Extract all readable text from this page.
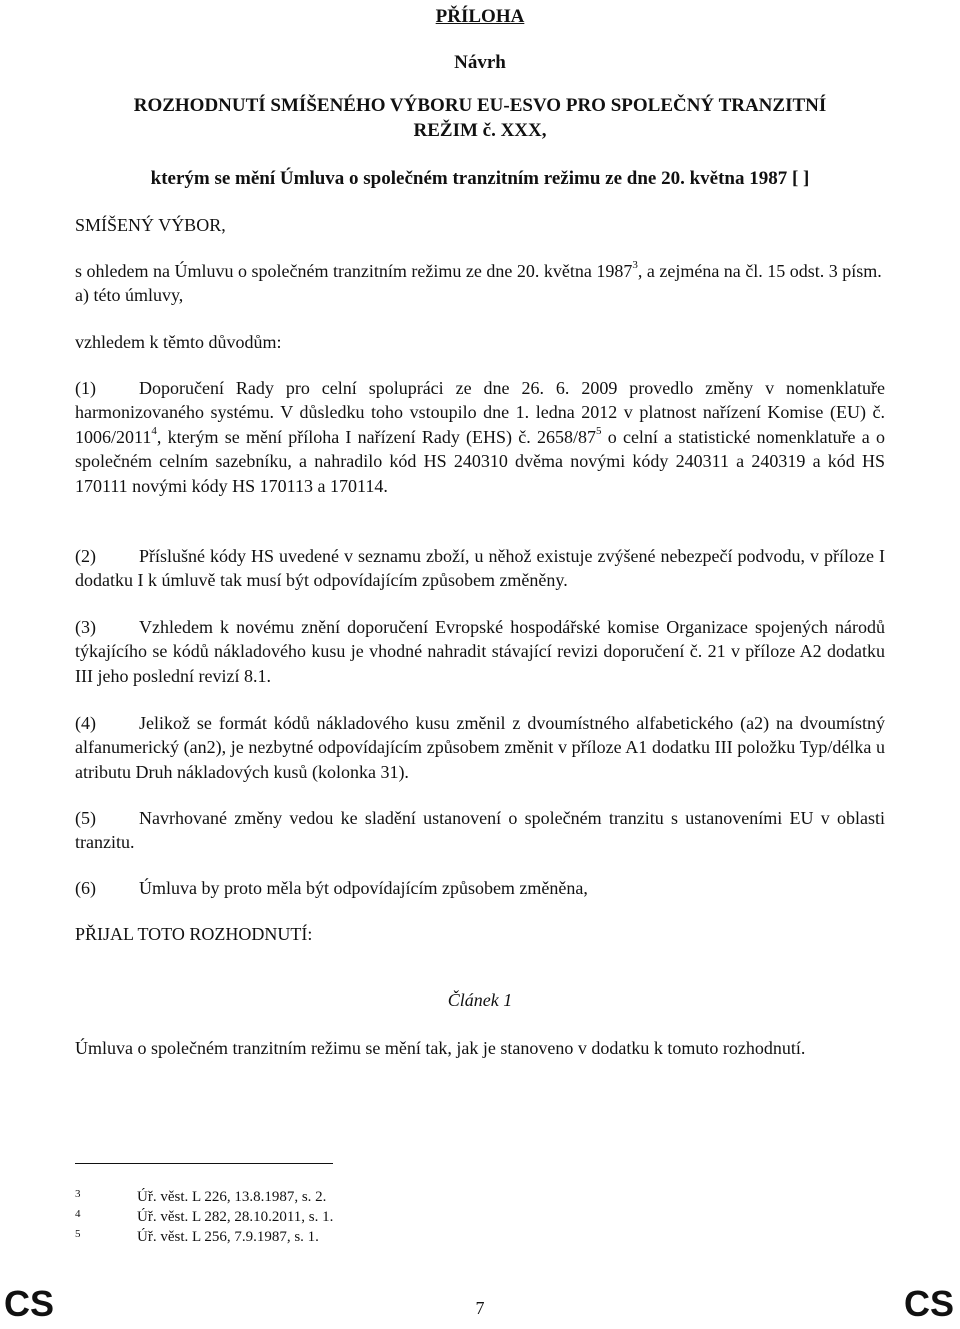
PŘÍLOHA

Návrh

ROZHODNUTÍ SMÍŠENÉHO VÝBORU EU-ESVO PRO SPOLEČNÝ TRANZITNÍ
REŽIM č. XXX,

kterým se mění Úmluva o společném tranzitním režimu ze dne 20. května 1987 [ ]

SMÍŠENÝ VÝBOR,

s ohledem na Úmluvu o společném tranzitním režimu ze dne 20. května 1987$^3$, a zejména na čl. 15 odst. 3 písm. a) této úmluvy,

vzhledem k těmto důvodům:

(1) Doporučení Rady pro celní spolupráci ze dne 26. 6. 2009 provedlo změny v nomenklatuře harmonizovaného systému. V důsledku toho vstoupilo dne 1. ledna 2012 v platnost nařízení Komise (EU) č. 1006/2011$^4$, kterým se mění příloha I nařízení Rady (EHS) č. $2658/87^5$ o celní a statistické nomenklatuře a o společném celním sazebníku, a nahradilo kód HS 240310 dvěma novými kódy 240311 a 240319 a kód HS 170111 novými kódy HS 170113 a 170114.

(2) Příslušné kódy HS uvedené v seznamu zboží, u něhož existuje zvýšené nebezpečí podvodu, v příloze I dodatku I k úmluvě tak musí být odpovídajícím způsobem změněny.

(3) Vzhledem k novému znění doporučení Evropské hospodářské komise Organizace spojených národů týkajícího se kódů nákladového kusu je vhodné nahradit stávající revizi doporučení č. 21 v příloze A2 dodatku III jeho poslední revizí 8.1.

(4) Jelikož se formát kódů nákladového kusu změnil z dvoumístného alfabetického (a2) na dvoumístný alfanumerický (an2), je nezbytné odpovídajícím způsobem změnit v příloze A1 dodatku III položku Typ/délka u atributu Druh nákladových kusů (kolonka 31).

(5) Navrhované změny vedou ke sladění ustanovení o společném tranzitu s ustanoveními EU v oblasti tranzitu.

(6) Úmluva by proto měla být odpovídajícím způsobem změněna,

PŘIJAL TOTO ROZHODNUTÍ:

Článek 1

Úmluva o společném tranzitním režimu se mění tak, jak je stanoveno v dodatku k tomuto rozhodnutí.

3	Úř. věst. L 226, 13.8.1987, s. 2.
4	Úř. věst. L 282, 28.10.2011, s. 1.
5	Úř. věst. L 256, 7.9.1987, s. 1.
CS	7	CS
